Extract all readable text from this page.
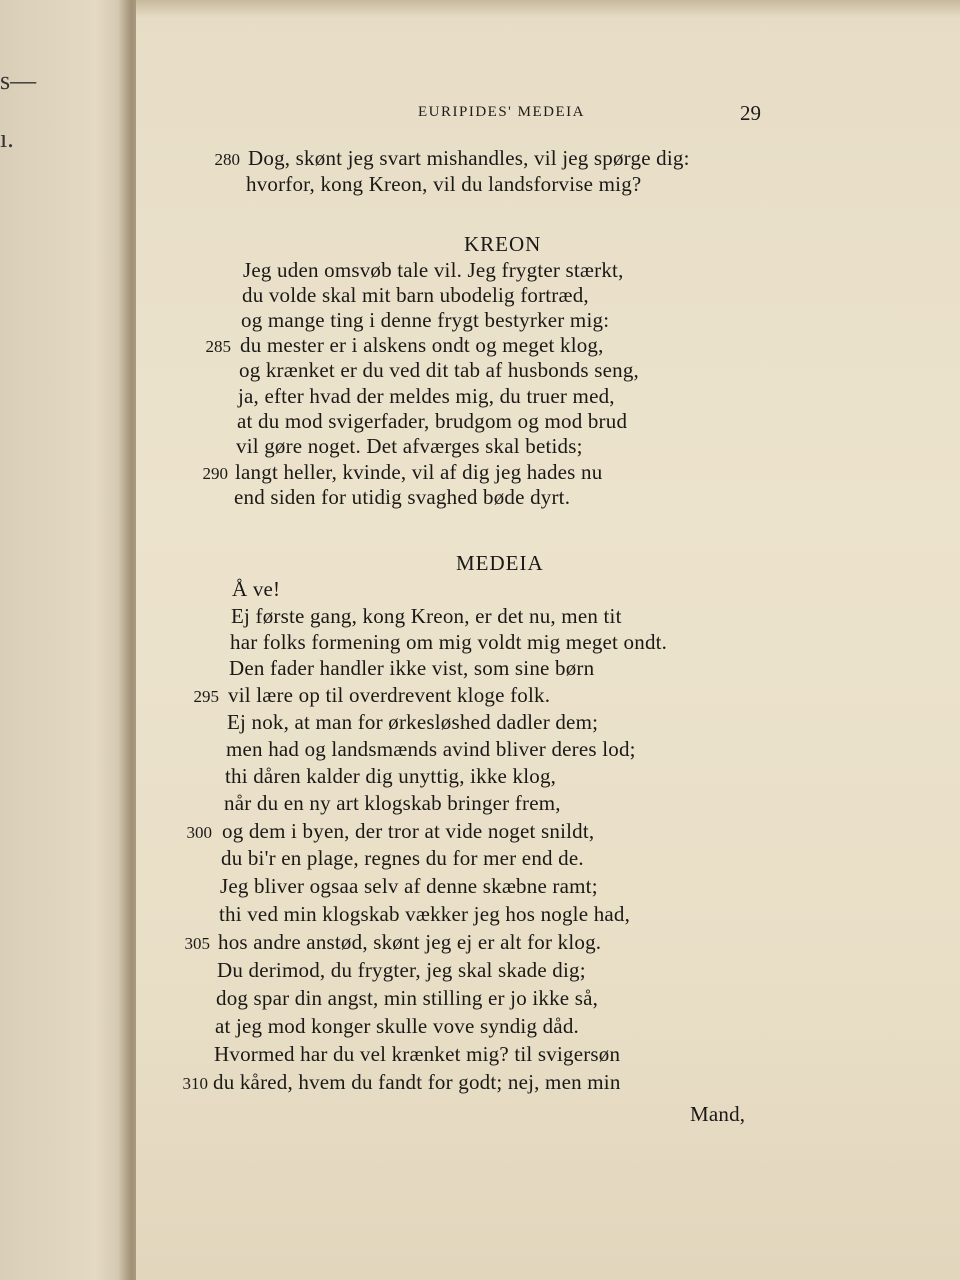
s—
ı.
EURIPIDES' MEDEIA	29
280 Dog, skønt jeg svart mishandles, vil jeg spørge dig:
hvorfor, kong Kreon, vil du landsforvise mig?
KREON
Jeg uden omsvøb tale vil. Jeg frygter stærkt,
du volde skal mit barn ubodelig fortræd,
og mange ting i denne frygt bestyrker mig:
285 du mester er i alskens ondt og meget klog,
og krænket er du ved dit tab af husbonds seng,
ja, efter hvad der meldes mig, du truer med,
at du mod svigerfader, brudgom og mod brud
vil gøre noget. Det afværges skal betids;
290 langt heller, kvinde, vil af dig jeg hades nu
end siden for utidig svaghed bøde dyrt.
MEDEIA
Å ve!
Ej første gang, kong Kreon, er det nu, men tit
har folks formening om mig voldt mig meget ondt.
Den fader handler ikke vist, som sine børn
295 vil lære op til overdrevent kloge folk.
Ej nok, at man for ørkesløshed dadler dem;
men had og landsmænds avind bliver deres lod;
thi dåren kalder dig unyttig, ikke klog,
når du en ny art klogskab bringer frem,
300 og dem i byen, der tror at vide noget snildt,
du bi'r en plage, regnes du for mer end de.
Jeg bliver ogsaa selv af denne skæbne ramt;
thi ved min klogskab vækker jeg hos nogle had,
305 hos andre anstød, skønt jeg ej er alt for klog.
Du derimod, du frygter, jeg skal skade dig;
dog spar din angst, min stilling er jo ikke så,
at jeg mod konger skulle vove syndig dåd.
Hvormed har du vel krænket mig? til svigersøn
310 du kåred, hvem du fandt for godt; nej, men min
Mand,
